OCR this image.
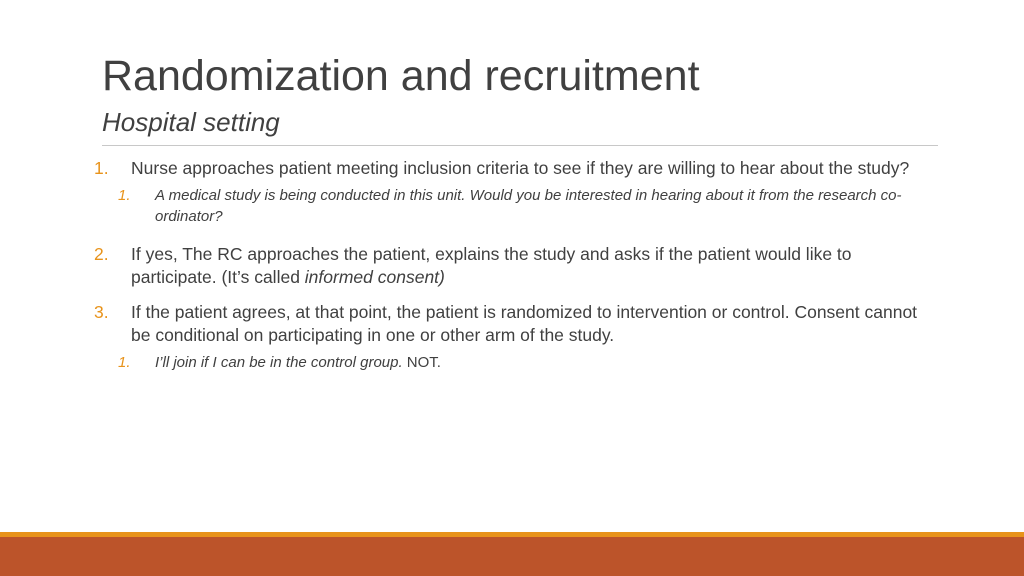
Randomization and recruitment
Hospital setting
1. Nurse approaches patient meeting inclusion criteria to see if they are willing to hear about the study?
1. A medical study is being conducted in this unit. Would you be interested in hearing about it from the research co-ordinator?
2. If yes, The RC approaches the patient, explains the study and asks if the patient would like to participate. (It’s called informed consent)
3. If the patient agrees, at that point, the patient is randomized to intervention or control. Consent cannot be conditional on participating in one or other arm of the study.
1. I’ll join if I can be in the control group. NOT.
